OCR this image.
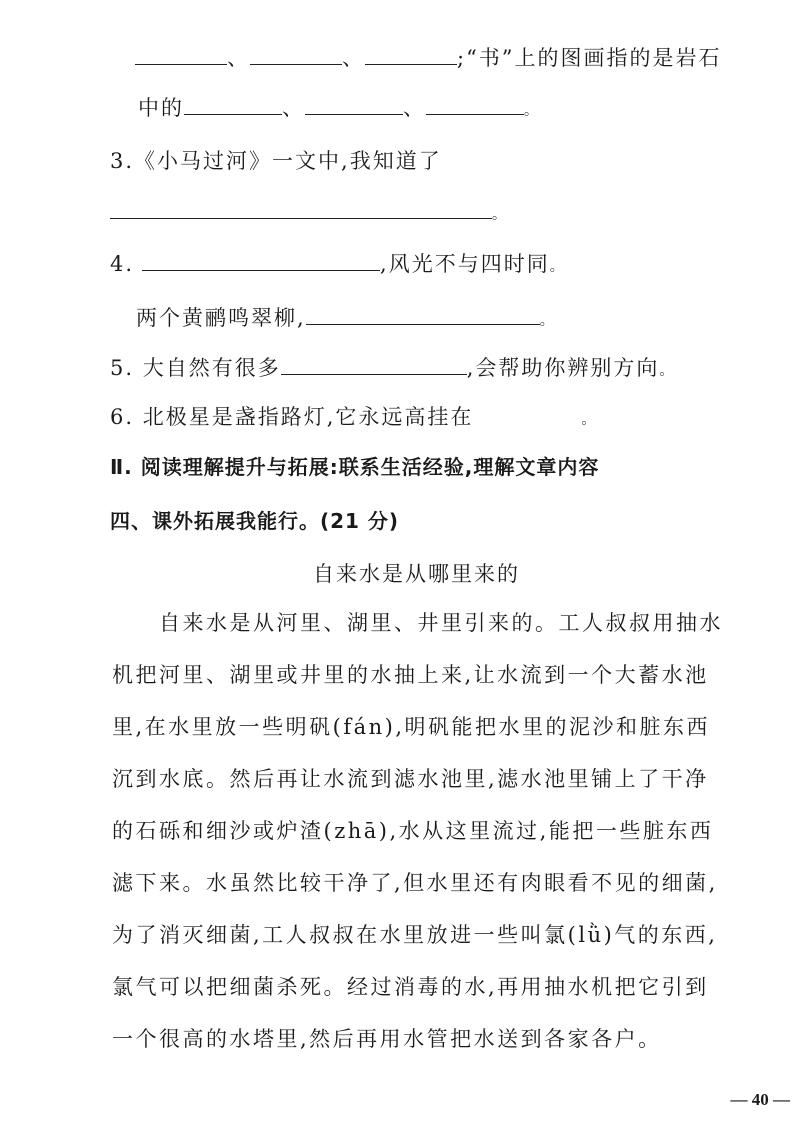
、	、	;“书”上的图画指的是岩石
中的	、	、	。
3.《小马过河》一文中,我知道了
。
4.	,风光不与四时同。
两个黄鹂鸣翠柳,	。
5. 大自然有很多	,会帮助你辨别方向。
6. 北极星是盏指路灯,它永远高挂在	。
Ⅱ. 阅读理解提升与拓展:联系生活经验,理解文章内容
四、课外拓展我能行。(21 分)
自来水是从哪里来的
　　自来水是从河里、湖里、井里引来的。工人叔叔用抽水
机把河里、湖里或井里的水抽上来,让水流到一个大蓄水池
里,在水里放一些明矾(fán),明矾能把水里的泥沙和脏东西
沉到水底。然后再让水流到滤水池里,滤水池里铺上了干净
的石砾和细沙或炉渣(zhā),水从这里流过,能把一些脏东西
滤下来。水虽然比较干净了,但水里还有肉眼看不见的细菌,
为了消灭细菌,工人叔叔在水里放进一些叫氯(lǜ)气的东西,
氯气可以把细菌杀死。经过消毒的水,再用抽水机把它引到
一个很高的水塔里,然后再用水管把水送到各家各户。
— 40 —
